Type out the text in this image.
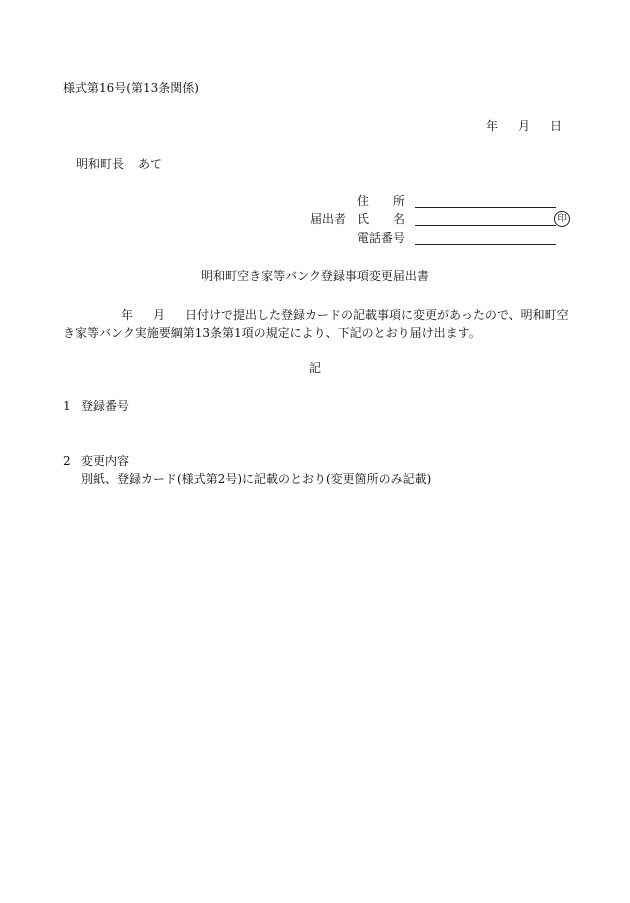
様式第16号(第13条関係)
年 月 日
明和町長 あて
届出者
住 所
氏 名	印
電話番号
明和町空き家等バンク登録事項変更届出書
年 月 日付けで提出した登録カードの記載事項に変更があったので、明和町空き家等バンク実施要綱第13条第1項の規定により、下記のとおり届け出ます。
記
1 登録番号
2 変更内容
別紙、登録カード(様式第2号)に記載のとおり(変更箇所のみ記載)
